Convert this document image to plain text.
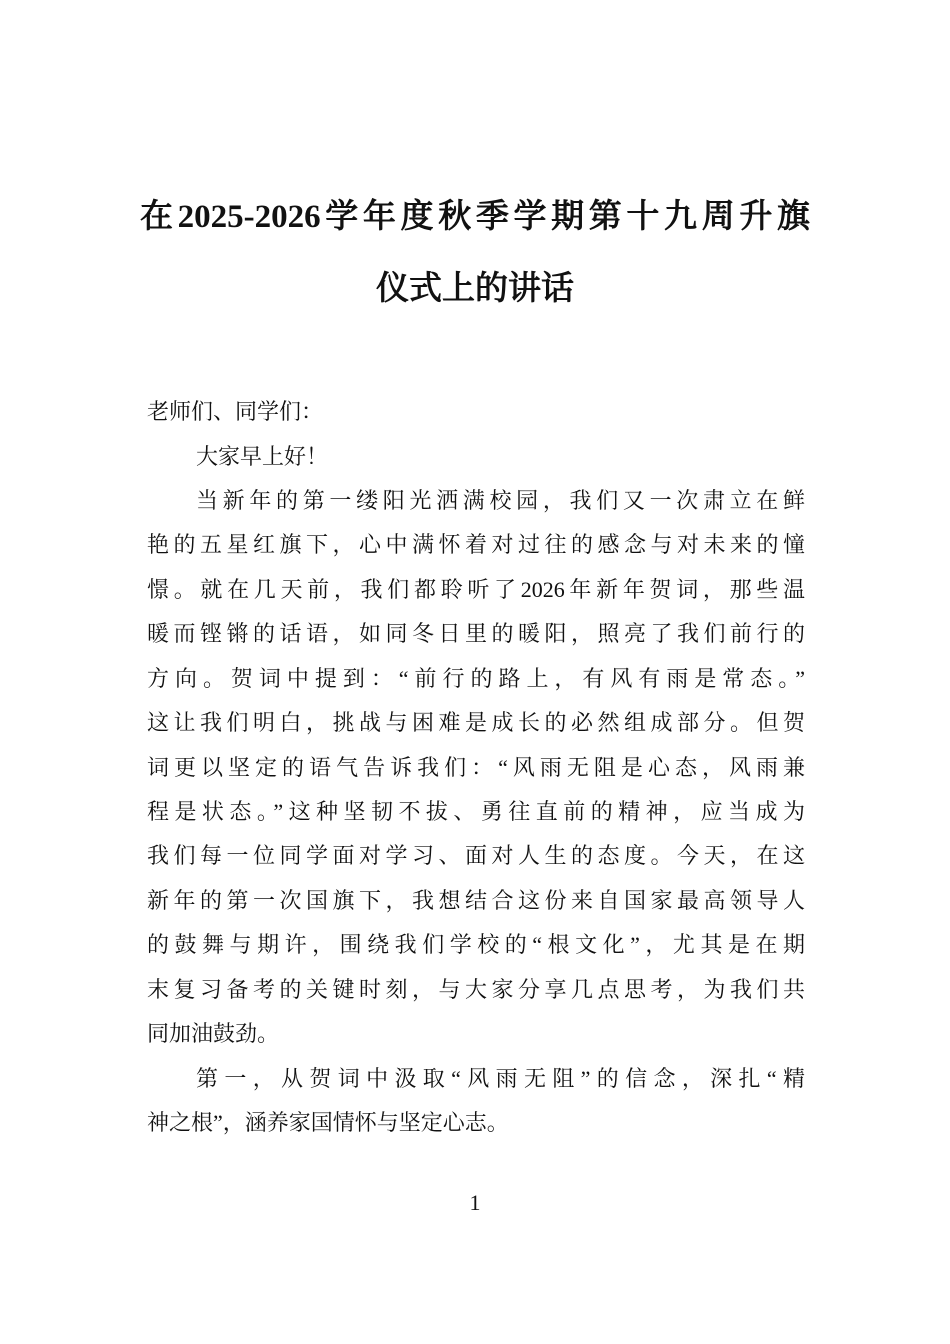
在2025-2026学年度秋季学期第十九周升旗
仪式上的讲话
老师们、同学们：
大家早上好！
当新年的第一缕阳光洒满校园，我们又一次肃立在鲜
艳的五星红旗下，心中满怀着对过往的感念与对未来的憧
憬。就在几天前，我们都聆听了2026年新年贺词，那些温
暖而铿锵的话语，如同冬日里的暖阳，照亮了我们前行的
方向。贺词中提到：“前行的路上，有风有雨是常态。”
这让我们明白，挑战与困难是成长的必然组成部分。但贺
词更以坚定的语气告诉我们：“风雨无阻是心态，风雨兼
程是状态。”这种坚韧不拔、勇往直前的精神，应当成为
我们每一位同学面对学习、面对人生的态度。今天，在这
新年的第一次国旗下，我想结合这份来自国家最高领导人
的鼓舞与期许，围绕我们学校的“根文化”，尤其是在期
末复习备考的关键时刻，与大家分享几点思考，为我们共
同加油鼓劲。
第一，从贺词中汲取“风雨无阻”的信念，深扎“精
神之根”，涵养家国情怀与坚定心志。
1
